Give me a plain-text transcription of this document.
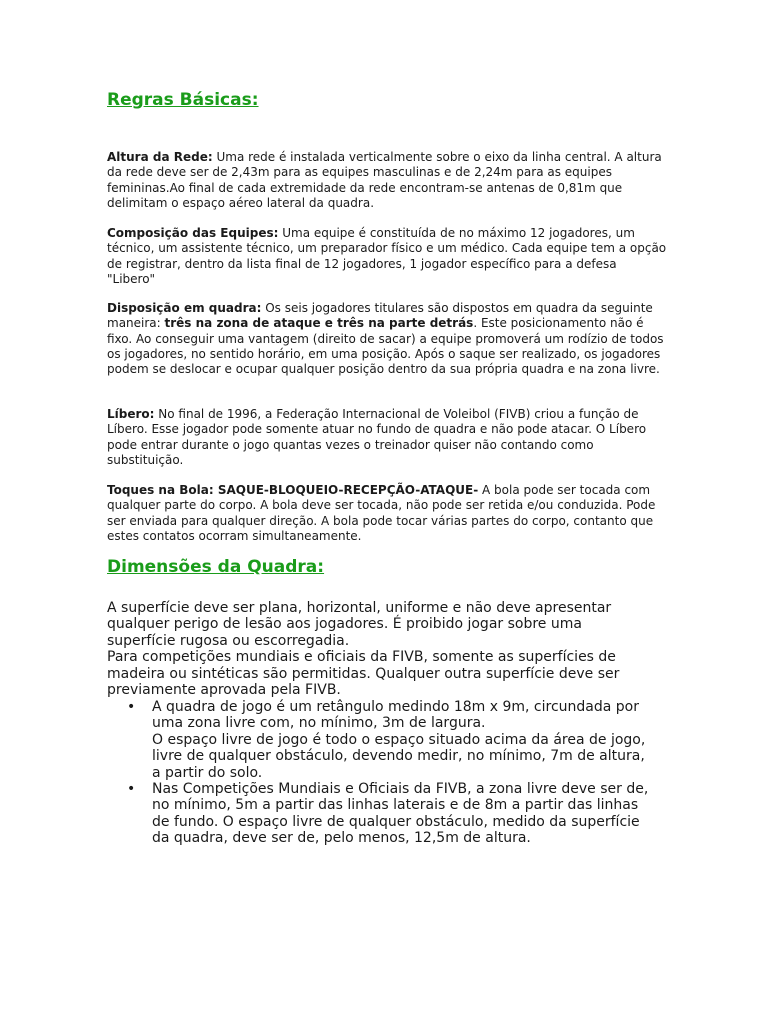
Regras Básicas:

Altura da Rede: Uma rede é instalada verticalmente sobre o eixo da linha central. A altura da rede deve ser de 2,43m para as equipes masculinas e de 2,24m para as equipes femininas.Ao final de cada extremidade da rede encontram-se antenas de 0,81m que delimitam o espaço aéreo lateral da quadra.

Composição das Equipes: Uma equipe é constituída de no máximo 12 jogadores, um técnico, um assistente técnico, um preparador físico e um médico. Cada equipe tem a opção de registrar, dentro da lista final de 12 jogadores, 1 jogador específico para a defesa "Libero"

Disposição em quadra: Os seis jogadores titulares são dispostos em quadra da seguinte maneira: três na zona de ataque e três na parte detrás. Este posicionamento não é fixo. Ao conseguir uma vantagem (direito de sacar) a equipe promoverá um rodízio de todos os jogadores, no sentido horário, em uma posição. Após o saque ser realizado, os jogadores podem se deslocar e ocupar qualquer posição dentro da sua própria quadra e na zona livre.

Líbero: No final de 1996, a Federação Internacional de Voleibol (FIVB) criou a função de Líbero. Esse jogador pode somente atuar no fundo de quadra e não pode atacar. O Líbero pode entrar durante o jogo quantas vezes o treinador quiser não contando como substituição.

Toques na Bola: SAQUE-BLOQUEIO-RECEPÇÃO-ATAQUE- A bola pode ser tocada com qualquer parte do corpo. A bola deve ser tocada, não pode ser retida e/ou conduzida. Pode ser enviada para qualquer direção. A bola pode tocar várias partes do corpo, contanto que estes contatos ocorram simultaneamente.

Dimensões da Quadra:

A superfície deve ser plana, horizontal, uniforme e não deve apresentar qualquer perigo de lesão aos jogadores. É proibido jogar sobre uma superfície rugosa ou escorregadia.
Para competições mundiais e oficiais da FIVB, somente as superfícies de madeira ou sintéticas são permitidas. Qualquer outra superfície deve ser previamente aprovada pela FIVB.

• A quadra de jogo é um retângulo medindo 18m x 9m, circundada por uma zona livre com, no mínimo, 3m de largura.
O espaço livre de jogo é todo o espaço situado acima da área de jogo, livre de qualquer obstáculo, devendo medir, no mínimo, 7m de altura, a partir do solo.
• Nas Competições Mundiais e Oficiais da FIVB, a zona livre deve ser de, no mínimo, 5m a partir das linhas laterais e de 8m a partir das linhas de fundo. O espaço livre de qualquer obstáculo, medido da superfície da quadra, deve ser de, pelo menos, 12,5m de altura.
